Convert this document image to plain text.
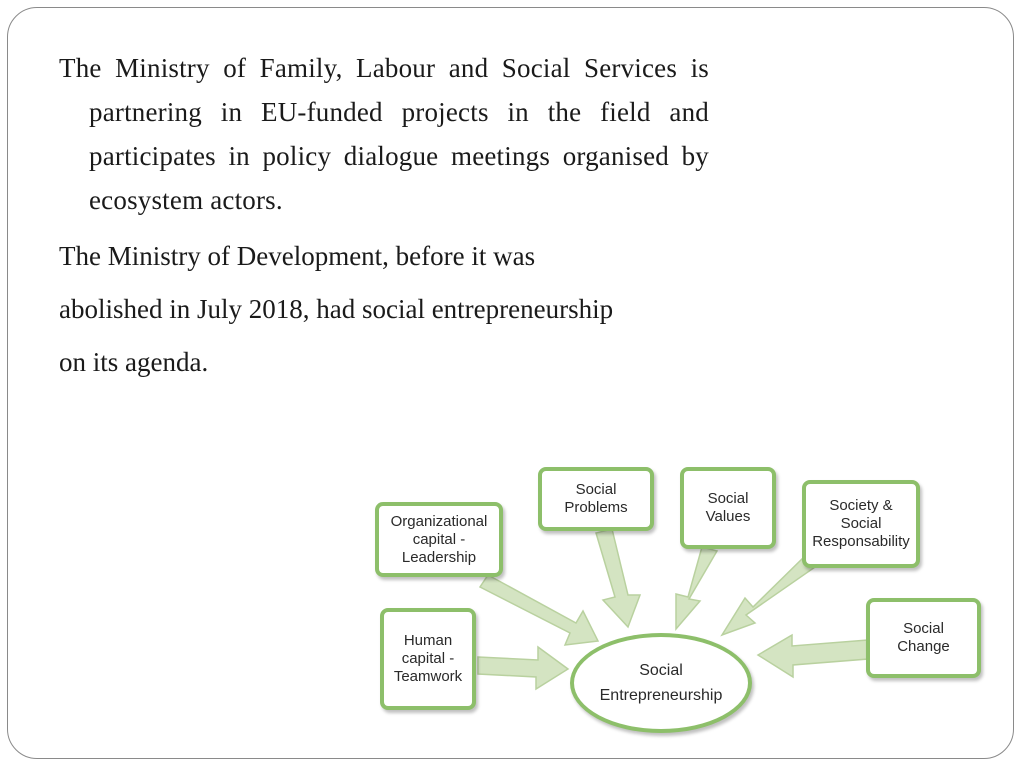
The Ministry of Family, Labour and Social Services is partnering in EU-funded projects in the field and participates in policy dialogue meetings organised by ecosystem actors.

The Ministry of Development, before it was abolished in July 2018, had social entrepreneurship on its agenda.

Organizational
capital -
Leadership
Social
Problems
Social
Values
Society &
Social
Responsability
Human
capital -
Teamwork
Social
Change
Social
Entrepreneurship
